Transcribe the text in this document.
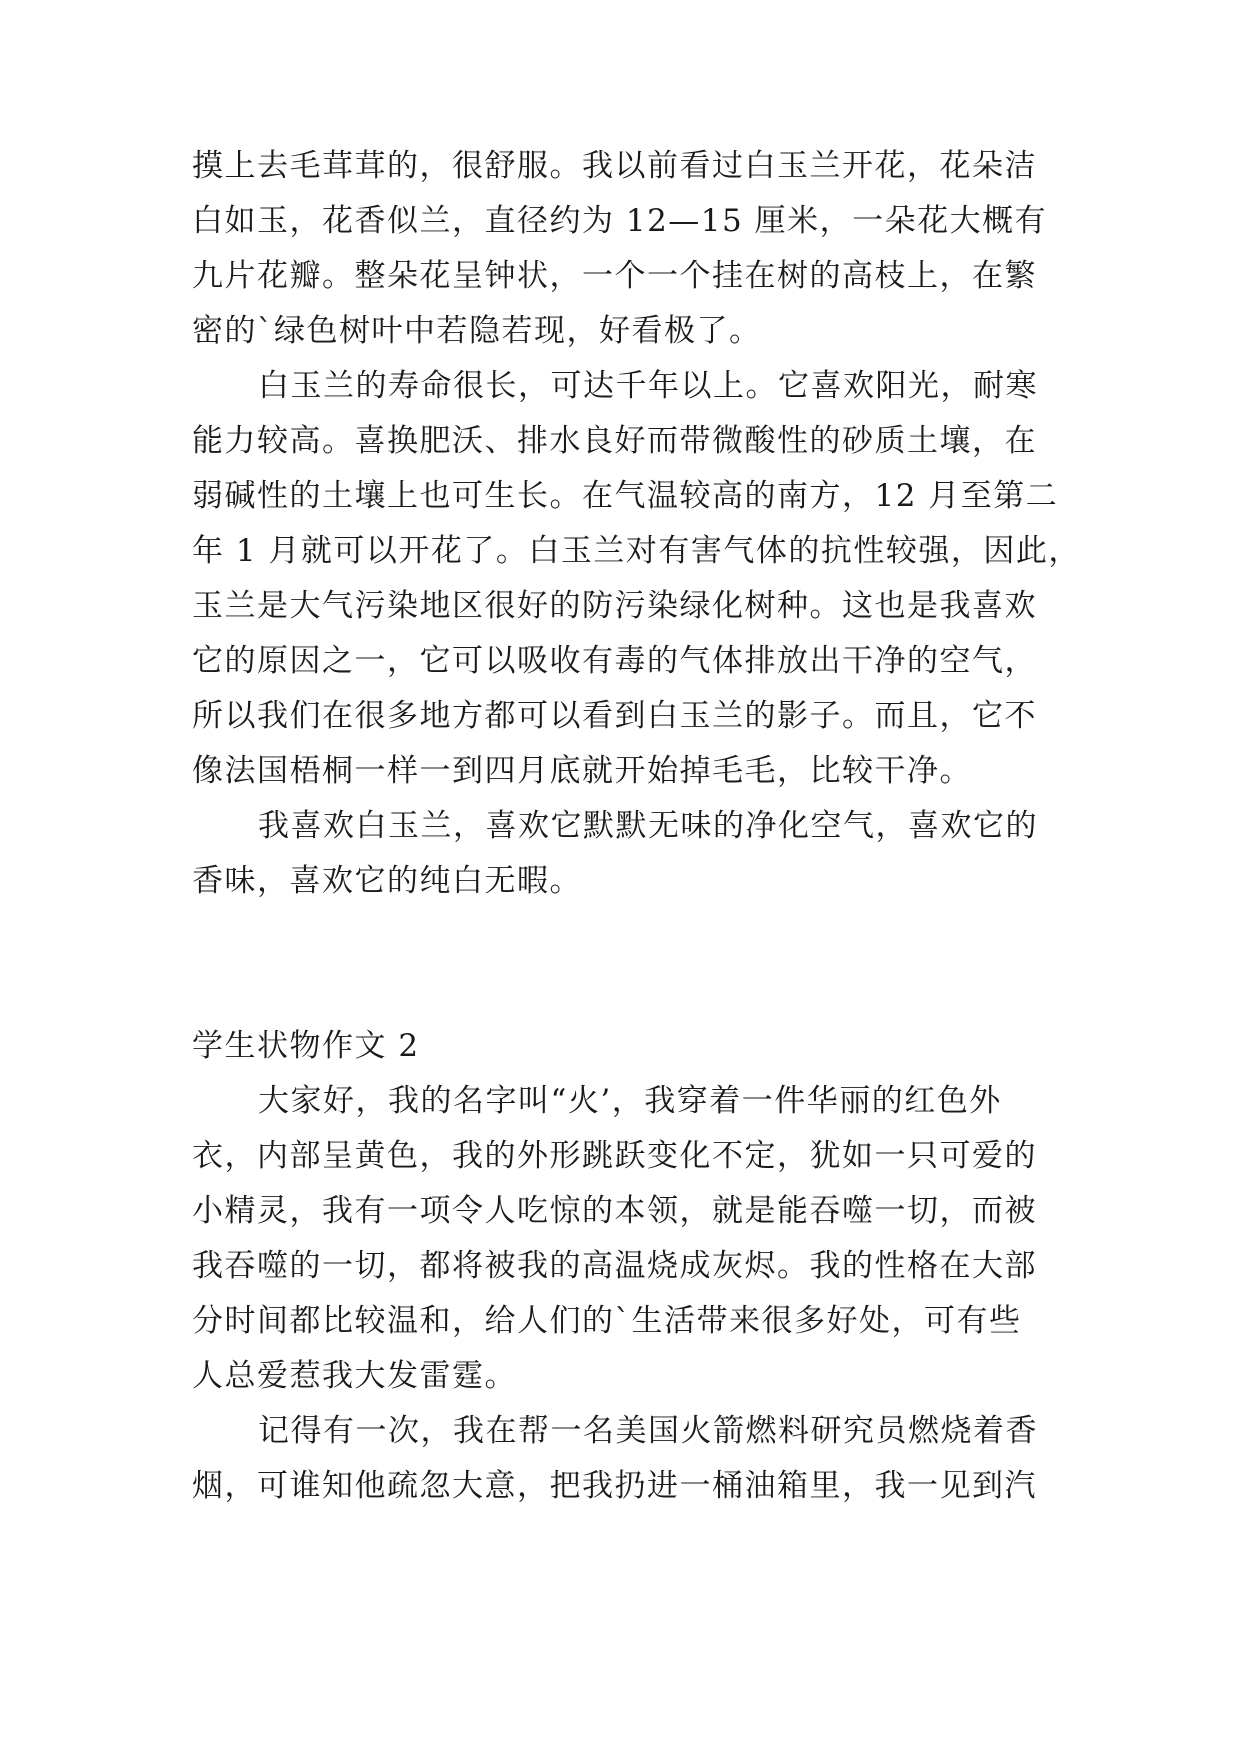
摸上去毛茸茸的，很舒服。我以前看过白玉兰开花，花朵洁
白如玉，花香似兰，直径约为 12—15 厘米，一朵花大概有
九片花瓣。整朵花呈钟状，一个一个挂在树的高枝上，在繁
密的`绿色树叶中若隐若现，好看极了。
白玉兰的寿命很长，可达千年以上。它喜欢阳光，耐寒
能力较高。喜换肥沃、排水良好而带微酸性的砂质土壤，在
弱碱性的土壤上也可生长。在气温较高的南方，12 月至第二
年 1 月就可以开花了。白玉兰对有害气体的抗性较强，因此，
玉兰是大气污染地区很好的防污染绿化树种。这也是我喜欢
它的原因之一，它可以吸收有毒的气体排放出干净的空气，
所以我们在很多地方都可以看到白玉兰的影子。而且，它不
像法国梧桐一样一到四月底就开始掉毛毛，比较干净。
我喜欢白玉兰，喜欢它默默无味的净化空气，喜欢它的
香味，喜欢它的纯白无暇。
学生状物作文 2
大家好，我的名字叫“火’，我穿着一件华丽的红色外
衣，内部呈黄色，我的外形跳跃变化不定，犹如一只可爱的
小精灵，我有一项令人吃惊的本领，就是能吞噬一切，而被
我吞噬的一切，都将被我的高温烧成灰烬。我的性格在大部
分时间都比较温和，给人们的`生活带来很多好处，可有些
人总爱惹我大发雷霆。
记得有一次，我在帮一名美国火箭燃料研究员燃烧着香
烟，可谁知他疏忽大意，把我扔进一桶油箱里，我一见到汽
